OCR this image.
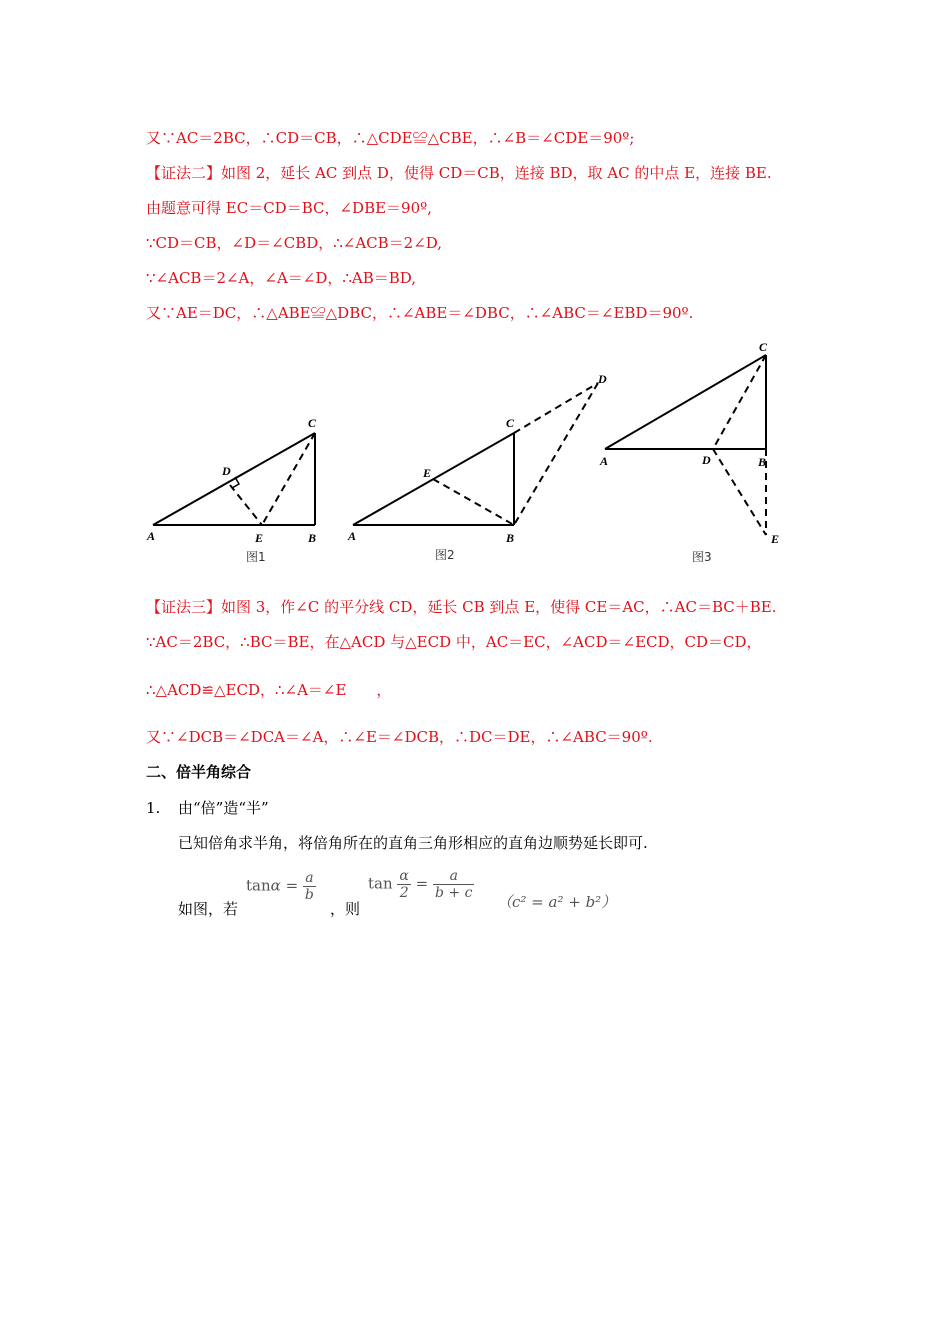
又∵AC＝2BC，∴CD＝CB，∴△CDE≌△CBE，∴∠B＝∠CDE＝90º;
【证法二】如图 2，延长 AC 到点 D，使得 CD＝CB，连接 BD，取 AC 的中点 E，连接 BE.
由题意可得 EC＝CD＝BC，∠DBE＝90º,
∵CD＝CB，∠D＝∠CBD，∴∠ACB＝2∠D,
∵∠ACB＝2∠A，∠A＝∠D，∴AB＝BD,
又∵AE＝DC，∴△ABE≌△DBC，∴∠ABE＝∠DBC，∴∠ABC＝∠EBD＝90º.
A	B
C
D
E
图1
A	B
C
D
E
图2
A	B
C
D
E
图3
【证法三】如图 3，作∠C 的平分线 CD，延长 CB 到点 E，使得 CE＝AC，∴AC＝BC＋BE.
∵AC＝2BC，∴BC＝BE，在△ACD 与△ECD 中，AC＝EC，∠ACD＝∠ECD，CD＝CD，
∴△ACD≌△ECD，∴∠A＝∠E　　，
又∵∠DCB＝∠DCA＝∠A，∴∠E＝∠DCB，∴DC＝DE，∴∠ABC＝90º.
二、倍半角综合
1. 由“倍”造“半”
已知倍角求半角，将倍角所在的直角三角形相应的直角边顺势延长即可.
如图，若
$\tan\alpha = \frac{a}{b}$
，则
$\tan \frac{\alpha}{2} = \frac{a}{b + c}$
（c² = a² + b²）
